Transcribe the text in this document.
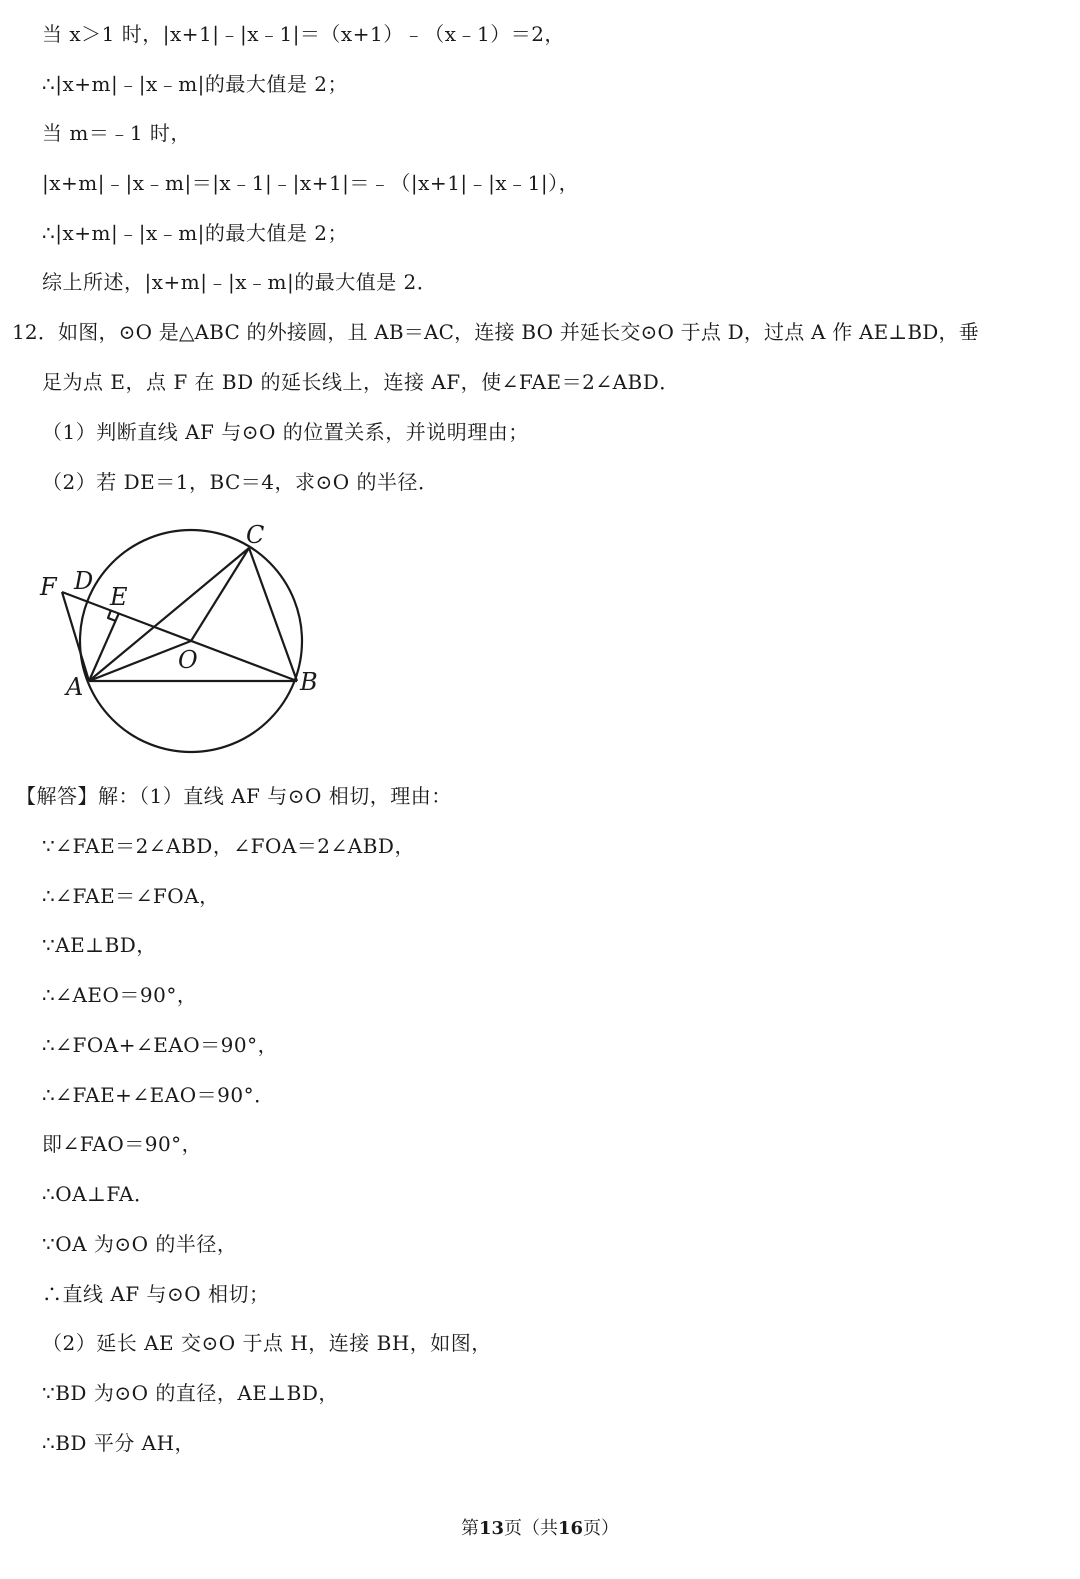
当 x＞1 时，|x+1|﹣|x﹣1|＝（x+1）﹣（x﹣1）＝2，
∴|x+m|﹣|x﹣m|的最大值是 2；
当 m＝﹣1 时，
|x+m|﹣|x﹣m|＝|x﹣1|﹣|x+1|＝﹣（|x+1|﹣|x﹣1|），
∴|x+m|﹣|x﹣m|的最大值是 2；
综上所述，|x+m|﹣|x﹣m|的最大值是 2．
12．如图，⊙O 是△ABC 的外接圆，且 AB＝AC，连接 BO 并延长交⊙O 于点 D，过点 A 作 AE⊥BD，垂
足为点 E，点 F 在 BD 的延长线上，连接 AF，使∠FAE＝2∠ABD．
（1）判断直线 AF 与⊙O 的位置关系，并说明理由；
（2）若 DE＝1，BC＝4，求⊙O 的半径．
F D
E
C
O
A	B
【解答】解：（1）直线 AF 与⊙O 相切，理由：
∵∠FAE＝2∠ABD，∠FOA＝2∠ABD，
∴∠FAE＝∠FOA，
∵AE⊥BD，
∴∠AEO＝90°，
∴∠FOA+∠EAO＝90°，
∴∠FAE+∠EAO＝90°．
即∠FAO＝90°，
∴OA⊥FA．
∵OA 为⊙O 的半径，
∴直线 AF 与⊙O 相切；
（2）延长 AE 交⊙O 于点 H，连接 BH，如图，
∵BD 为⊙O 的直径，AE⊥BD，
∴BD 平分 AH，
第13页（共16页）
